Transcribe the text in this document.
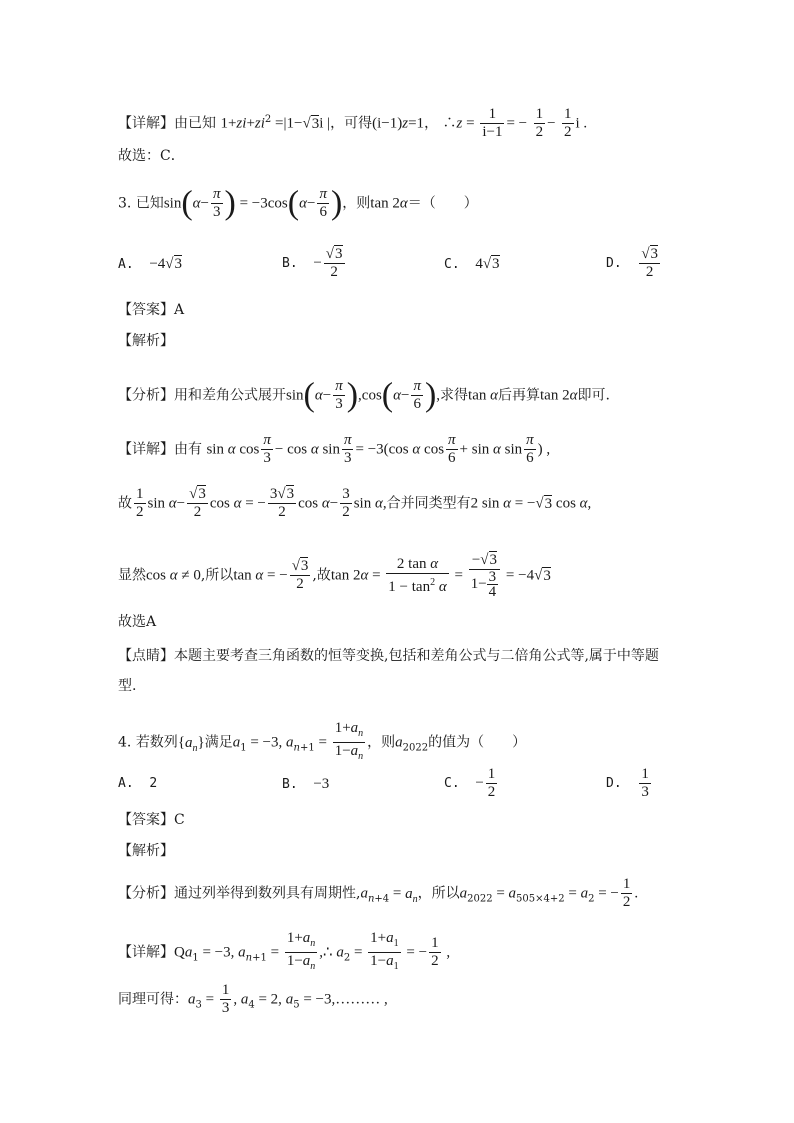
【详解】由已知 $1+zi+zi^2 =|1-√3i$ |，可得(i−1)z=1， ∴z = $\frac{1}{i-1}$ = − $\frac{1}{2} - \frac{1}{2}$ i .
故选：C．
3. 已知$\sin(\alpha- \frac{\pi}{3}$ ) = $-3\cos(\alpha- \frac{\pi}{6}$ )，则tan 2α＝（　　）
A. −4√3	B. − $\frac{√3}{2}$	C. 4√3	D. $\frac{√3}{2}$
【答案】A
【解析】
【分析】用和差角公式展开$\sin(\alpha- \frac{\pi}{3} ),\cos(\alpha- \frac{\pi}{6}$ ),求得tan α后再算tan 2α即可.
【详解】由有 sin α $\cos \frac{\pi}{3} - \cos \alpha$ $\sin \frac{\pi}{3} = -3(\cos$ α $\cos \frac{\pi}{6} + \sin \alpha$ $\sin \frac{\pi}{6}$ ) ,
故 $\frac{1}{2}$ $\sin \alpha- \frac{√3}{2}$ cos α = − $\frac{3√3}{2}$ $\cos \alpha- \frac{3}{2}$ sin α,合并同类型有2 sin α = −√3 cos α,
显然cos α ≠ 0,所以tan α = − $\frac{√3}{2}$ ,故$\tan 2\alpha = \frac{\text{2 tan α}}{1 - \tan^2 \alpha} = \frac{-√3}{1- \frac{3}{4}} = -4√3$
故选A
【点睛】本题主要考查三角函数的恒等变换,包括和差角公式与二倍角公式等,属于中等题
型.
4. 若数列$\{a_n\}$满足$a_1 = -3$, $a_{n+1} = \frac{1+a_n}{1-a_n}$ ，则$a_{2022}$的值为（　　）
A. 2	B. −3	C. − $\frac{1}{2}$	D. $\frac{1}{3}$
【答案】C
【解析】
【分析】通过列举得到数列具有周期性$,a_{n+4} = a_n$，所以$a_{2022} = a_{505\times 4+2} = a_2$ = − $\frac{1}{2}$ .
【详解】$Qa_1 = -3$, $a_{n+1} = \frac{1+a_n}{1-a_n}$ ,∴ $a_2 = \frac{1+a_1}{1-a_1}$ = − $\frac{1}{2}$ ,
同理可得：$a_3 = \frac{1}{3}$ , $a_4 = 2$, $a_5$ = −3,……… ,
